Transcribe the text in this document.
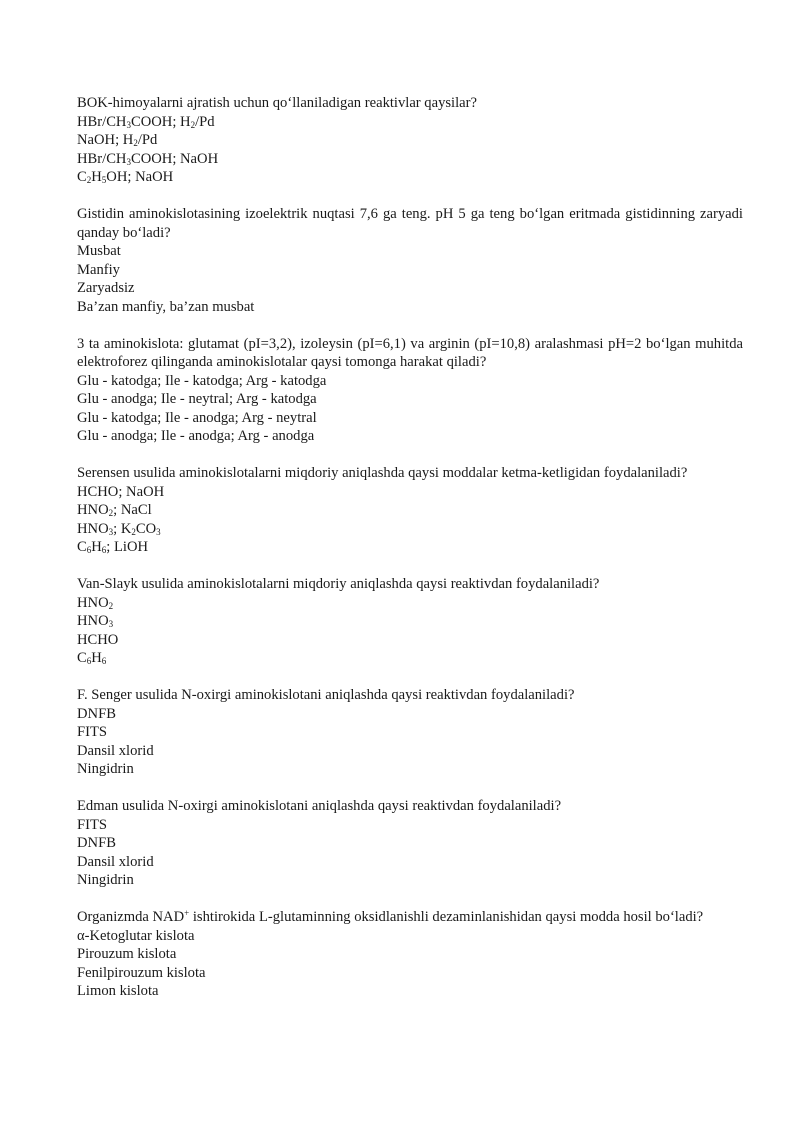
BOK-himoyalarni ajratish uchun qo‘llaniladigan reaktivlar qaysilar?

HBr/$CH_3COOH$; $H_2/Pd$

NaOH; $H_2/Pd$

HBr/$CH_3COOH$; NaOH

$C_2H_5OH$; NaOH

Gistidin aminokislotasining izoelektrik nuqtasi 7,6 ga teng. pH 5 ga teng bo‘lgan eritmada gistidinning zaryadi qanday bo‘ladi?

Musbat

Manfiy

Zaryadsiz

Ba’zan manfiy, ba’zan musbat

3 ta aminokislota: glutamat (pI=3,2), izoleysin (pI=6,1) va arginin (pI=10,8) aralashmasi pH=2 bo‘lgan muhitda elektroforez qilinganda aminokislotalar qaysi tomonga harakat qiladi?

Glu - katodga; Ile - katodga; Arg - katodga

Glu - anodga; Ile - neytral; Arg - katodga

Glu - katodga; Ile - anodga; Arg - neytral

Glu - anodga; Ile - anodga; Arg - anodga

Serensen usulida aminokislotalarni miqdoriy aniqlashda qaysi moddalar ketma-ketligidan foydalaniladi?

HCHO; NaOH

$HNO_2$; NaCl

$HNO_3$; $K_2CO_3$

$C_6H_6$; LiOH

Van-Slayk usulida aminokislotalarni miqdoriy aniqlashda qaysi reaktivdan foydalaniladi?

$HNO_2$

$HNO_3$

HCHO

$C_6H_6$

F. Senger usulida N-oxirgi aminokislotani aniqlashda qaysi reaktivdan foydalaniladi?

DNFB

FITS

Dansil xlorid

Ningidrin

Edman usulida N-oxirgi aminokislotani aniqlashda qaysi reaktivdan foydalaniladi?

FITS

DNFB

Dansil xlorid

Ningidrin

Organizmda NAD+ ishtirokida L-glutaminning oksidlanishli dezaminlanishidan qaysi modda hosil bo‘ladi?

α-Ketoglutar kislota

Pirouzum kislota

Fenilpirouzum kislota

Limon kislota
